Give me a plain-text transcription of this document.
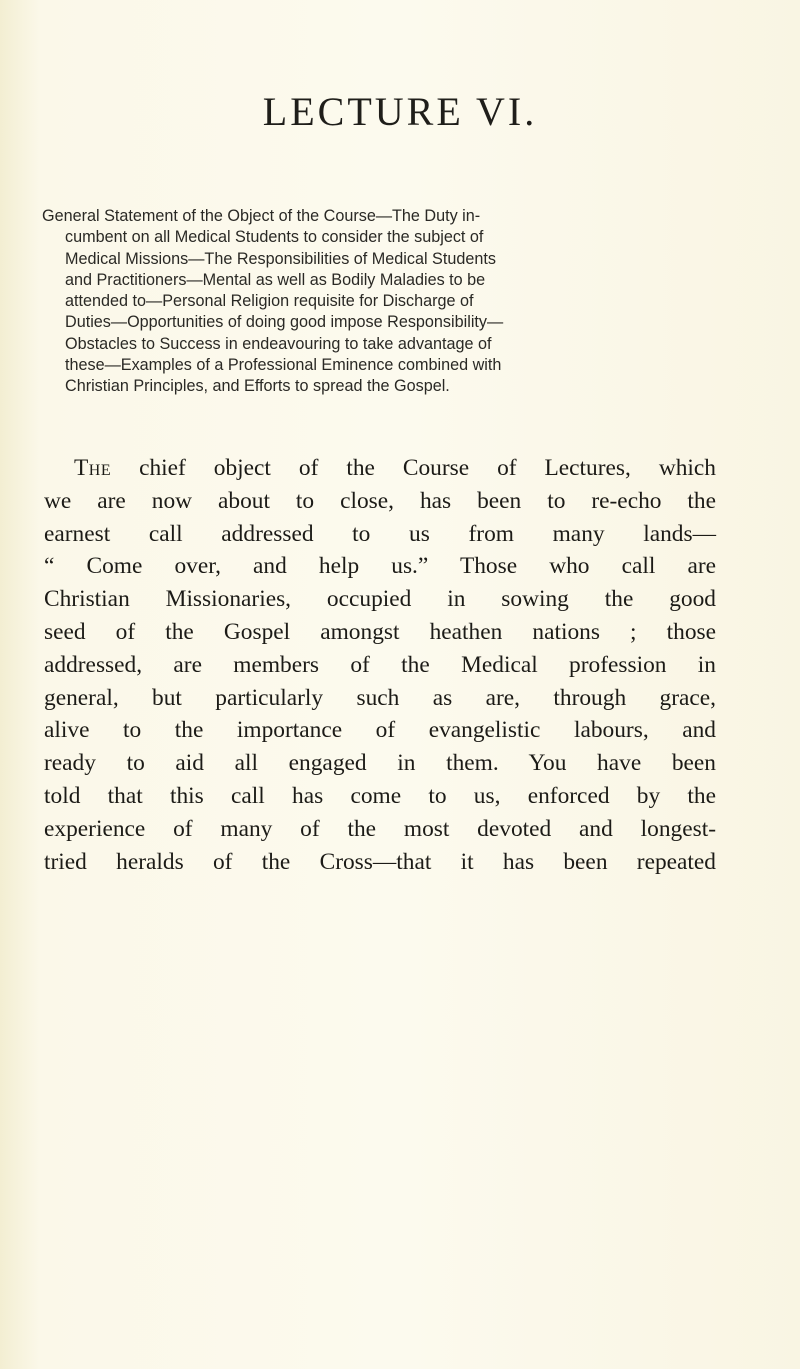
LECTURE VI.

General Statement of the Object of the Course—The Duty in-
cumbent on all Medical Students to consider the subject of
Medical Missions—The Responsibilities of Medical Students
and Practitioners—Mental as well as Bodily Maladies to be
attended to—Personal Religion requisite for Discharge of
Duties—Opportunities of doing good impose Responsibility—
Obstacles to Success in endeavouring to take advantage of
these—Examples of a Professional Eminence combined with
Christian Principles, and Efforts to spread the Gospel.

The chief object of the Course of Lectures, which
we are now about to close, has been to re-echo the
earnest call addressed to us from many lands—
“ Come over, and help us.” Those who call are
Christian Missionaries, occupied in sowing the good
seed of the Gospel amongst heathen nations ; those
addressed, are members of the Medical profession in
general, but particularly such as are, through grace,
alive to the importance of evangelistic labours, and
ready to aid all engaged in them. You have been
told that this call has come to us, enforced by the
experience of many of the most devoted and longest-
tried heralds of the Cross—that it has been repeated
